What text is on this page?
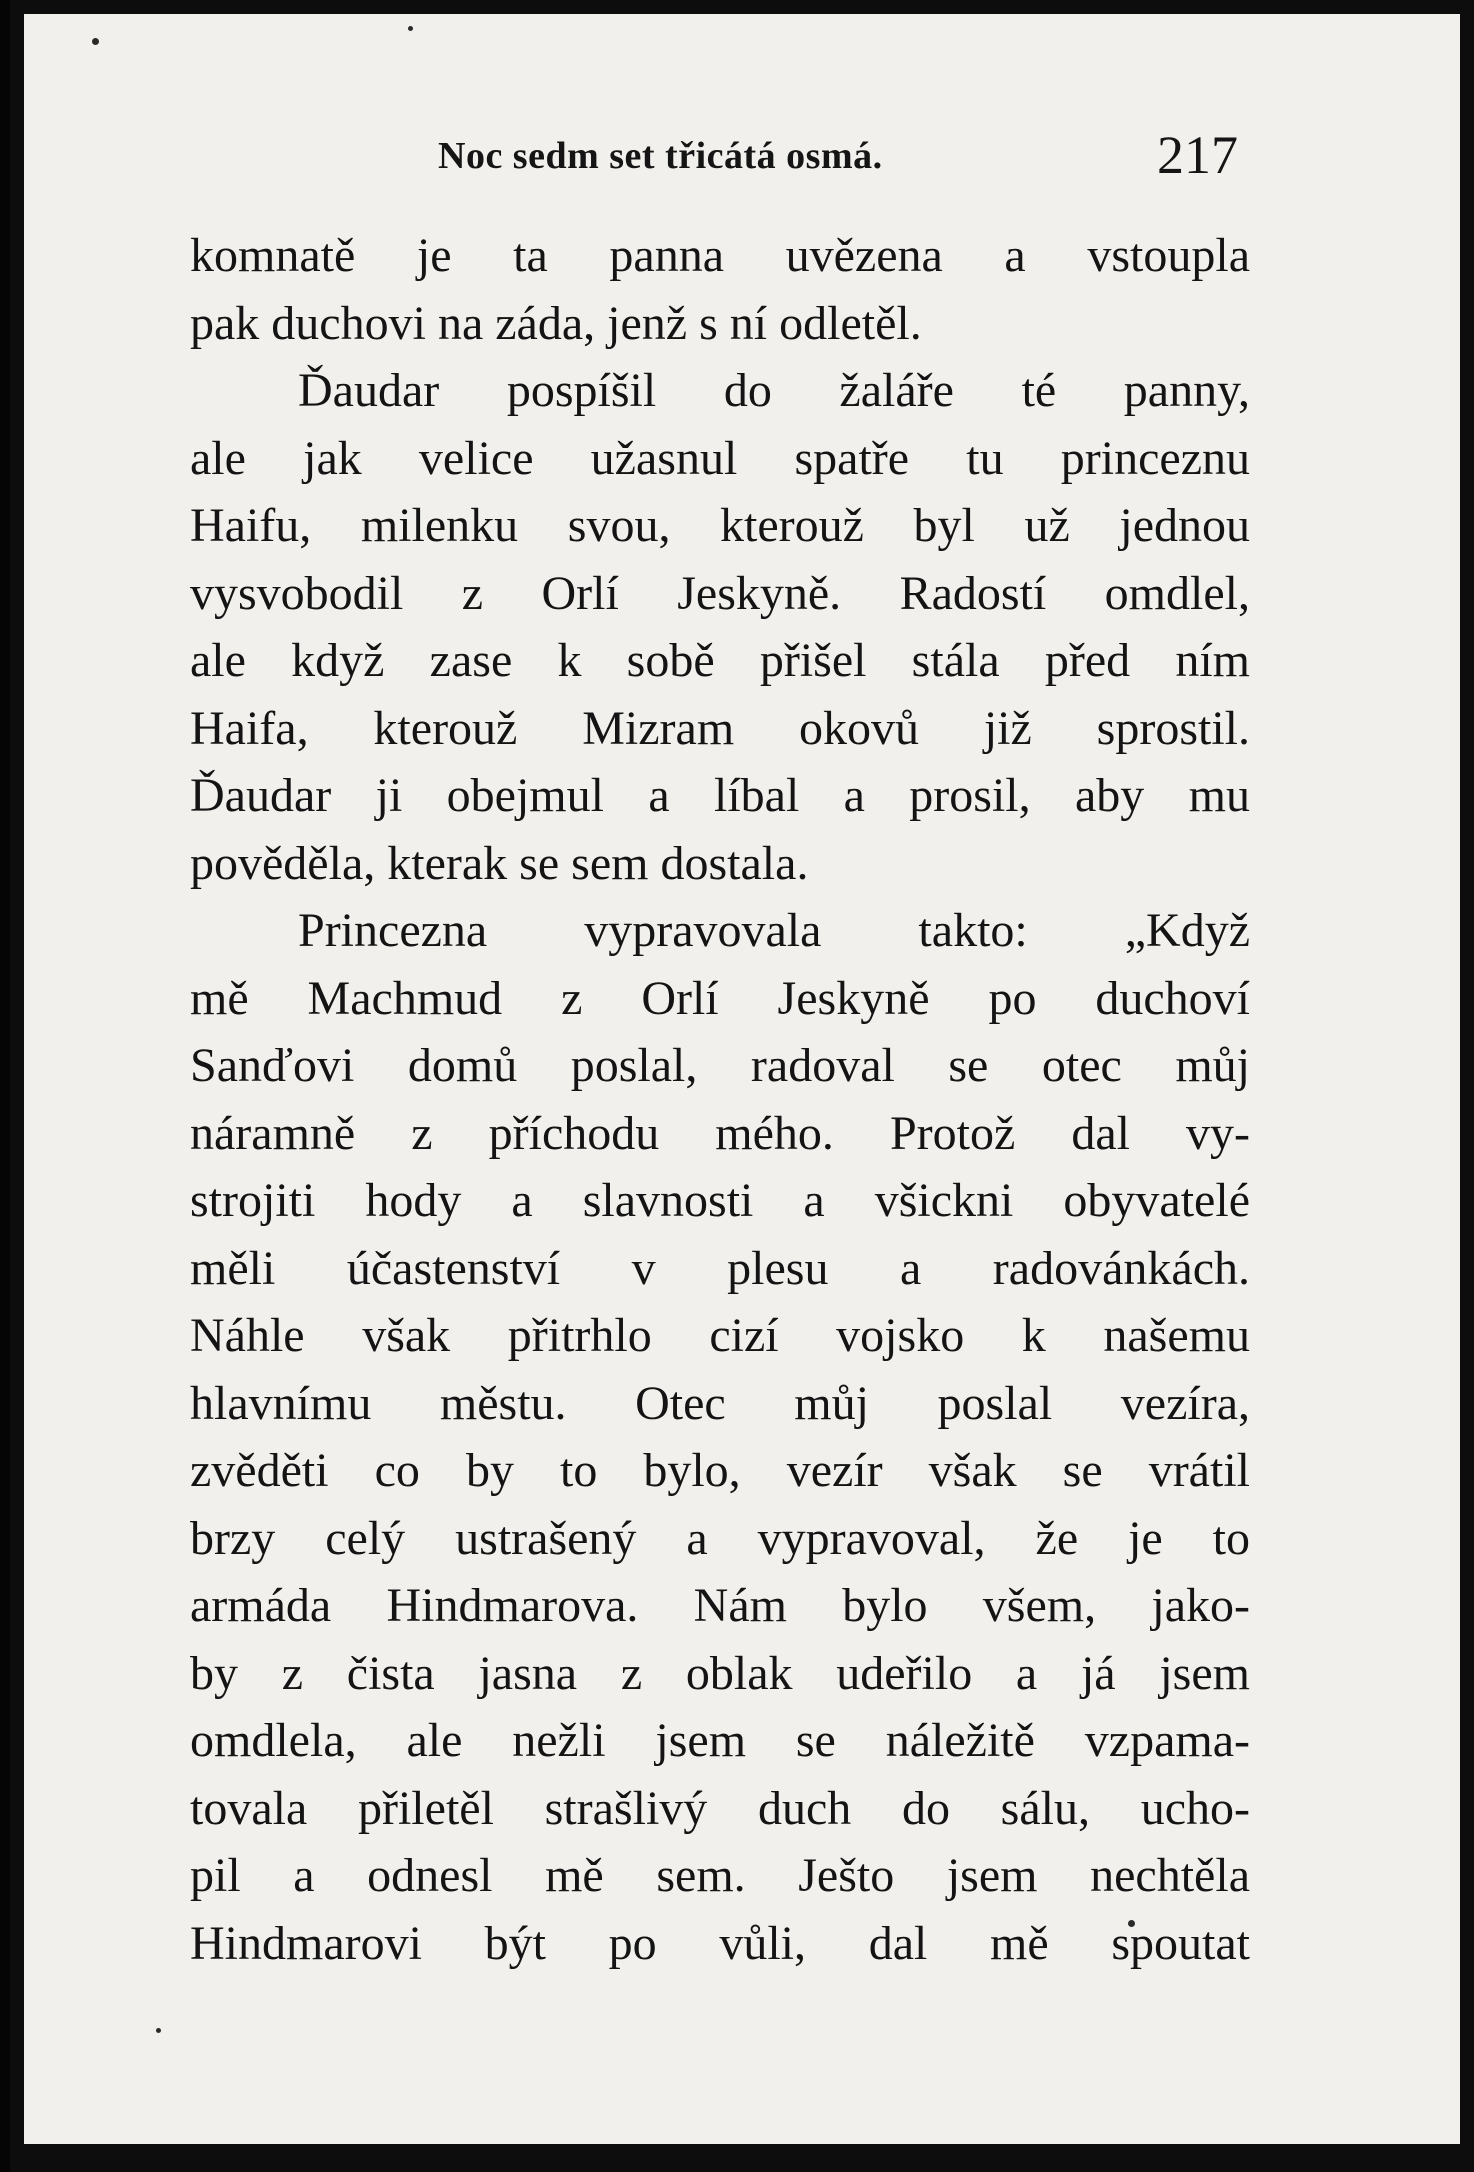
Noc sedm set třicátá osmá.	217
komnatě je ta panna uvězena a vstoupla
pak duchovi na záda, jenž s ní odletěl.
Ďaudar pospíšil do žaláře té panny,
ale jak velice užasnul spatře tu princeznu
Haifu, milenku svou, kterouž byl už jednou
vysvobodil z Orlí Jeskyně. Radostí omdlel,
ale když zase k sobě přišel stála před ním
Haifa, kterouž Mizram okovů již sprostil.
Ďaudar ji obejmul a líbal a prosil, aby mu
pověděla, kterak se sem dostala.
Princezna vypravovala takto: „Když
mě Machmud z Orlí Jeskyně po duchoví
Sanďovi domů poslal, radoval se otec můj
náramně z příchodu mého. Protož dal vy-
strojiti hody a slavnosti a všickni obyvatelé
měli účastenství v plesu a radovánkách.
Náhle však přitrhlo cizí vojsko k našemu
hlavnímu městu. Otec můj poslal vezíra,
zvěděti co by to bylo, vezír však se vrátil
brzy celý ustrašený a vypravoval, že je to
armáda Hindmarova. Nám bylo všem, jako-
by z čista jasna z oblak udeřilo a já jsem
omdlela, ale nežli jsem se náležitě vzpama-
tovala přiletěl strašlivý duch do sálu, ucho-
pil a odnesl mě sem. Ješto jsem nechtěla
Hindmarovi být po vůli, dal mě spoutat
